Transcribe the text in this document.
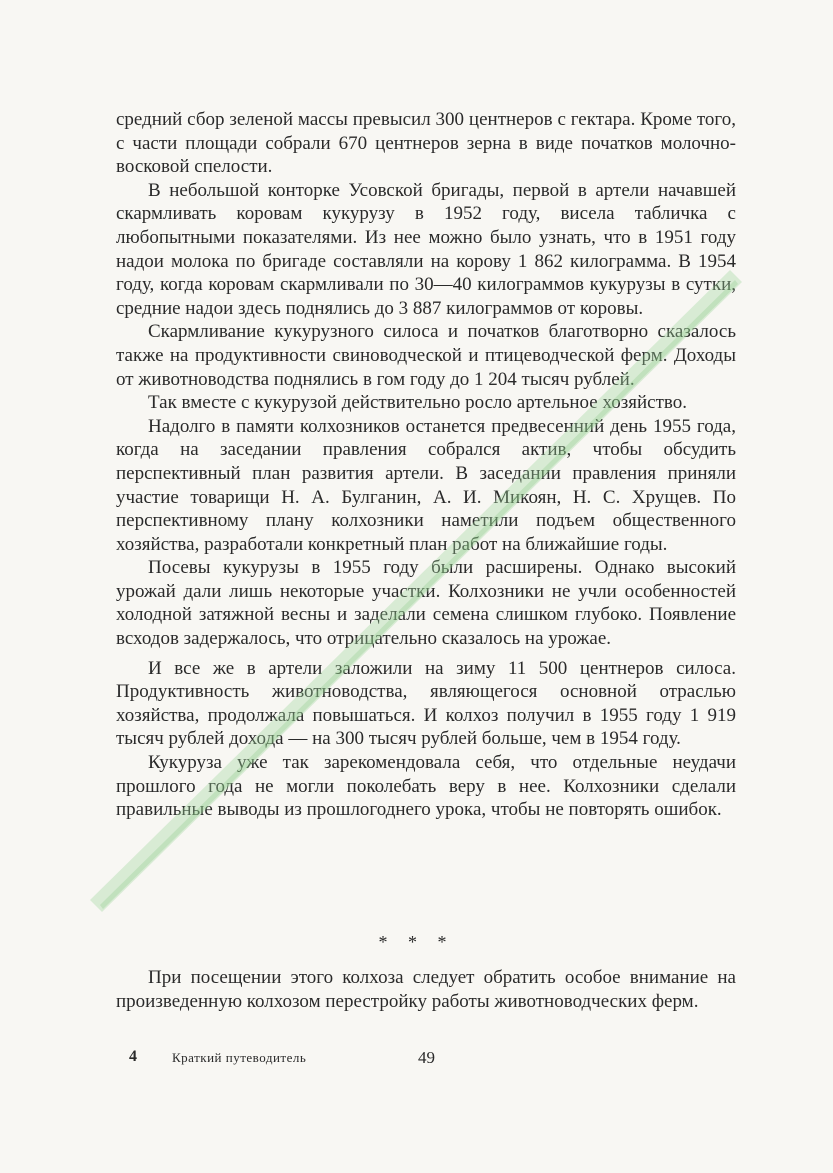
средний сбор зеленой массы превысил 300 центнеров с гектара. Кроме того, с части площади собрали 670 центнеров зерна в виде початков молочно-восковой спелости.

В небольшой конторке Усовской бригады, первой в артели начавшей скармливать коровам кукурузу в 1952 году, висела табличка с любопытными показателями. Из нее можно было узнать, что в 1951 году надои молока по бригаде составляли на корову 1 862 килограмма. В 1954 году, когда коровам скармливали по 30—40 килограммов кукурузы в сутки, средние надои здесь поднялись до 3 887 килограммов от коровы.

Скармливание кукурузного силоса и початков благотворно сказалось также на продуктивности свиноводческой и птицеводческой ферм. Доходы от животноводства поднялись в гом году до 1 204 тысяч рублей.

Так вместе с кукурузой действительно росло артельное хозяйство.

Надолго в памяти колхозников останется предвесенний день 1955 года, когда на заседании правления собрался актив, чтобы обсудить перспективный план развития артели. В заседании правления приняли участие товарищи Н. А. Булганин, А. И. Микоян, Н. С. Хрущев. По перспективному плану колхозники наметили подъем общественного хозяйства, разработали конкретный план работ на ближайшие годы.

Посевы кукурузы в 1955 году были расширены. Однако высокий урожай дали лишь некоторые участки. Колхозники не учли особенностей холодной затяжной весны и заделали семена слишком глубоко. Появление всходов задержалось, что отрицательно сказалось на урожае.

И все же в артели заложили на зиму 11 500 центнеров силоса. Продуктивность животноводства, являющегося основной отраслью хозяйства, продолжала повышаться. И колхоз получил в 1955 году 1 919 тысяч рублей дохода — на 300 тысяч рублей больше, чем в 1954 году.

Кукуруза уже так зарекомендовала себя, что отдельные неудачи прошлого года не могли поколебать веру в нее. Колхозники сделали правильные выводы из прошлогоднего урока, чтобы не повторять ошибок.

* * *

При посещении этого колхоза следует обратить особое внимание на произведенную колхозом перестройку работы животноводческих ферм.

4	Краткий путеводитель	49
